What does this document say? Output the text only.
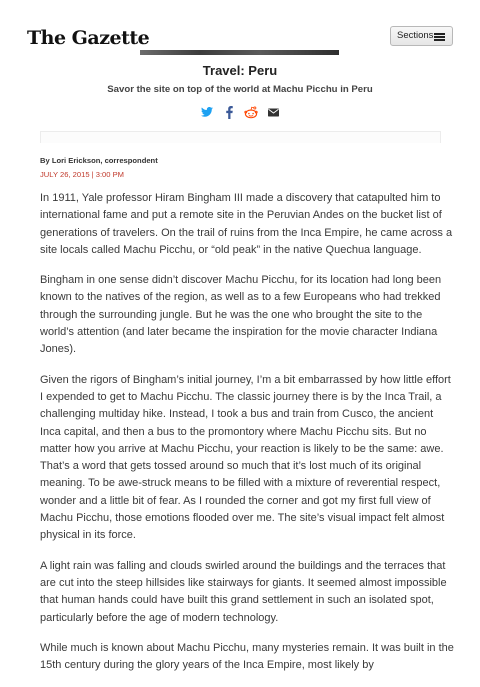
The Gazette	Sections
Travel: Peru
Savor the site on top of the world at Machu Picchu in Peru
By Lori Erickson, correspondent
JULY 26, 2015 | 3:00 PM

In 1911, Yale professor Hiram Bingham III made a discovery that catapulted him to international fame and put a remote site in the Peruvian Andes on the bucket list of generations of travelers. On the trail of ruins from the Inca Empire, he came across a site locals called Machu Picchu, or “old peak” in the native Quechua language.

Bingham in one sense didn’t discover Machu Picchu, for its location had long been known to the natives of the region, as well as to a few Europeans who had trekked through the surrounding jungle. But he was the one who brought the site to the world’s attention (and later became the inspiration for the movie character Indiana Jones).

Given the rigors of Bingham’s initial journey, I’m a bit embarrassed by how little effort I expended to get to Machu Picchu. The classic journey there is by the Inca Trail, a challenging multiday hike. Instead, I took a bus and train from Cusco, the ancient Inca capital, and then a bus to the promontory where Machu Picchu sits. But no matter how you arrive at Machu Picchu, your reaction is likely to be the same: awe. That’s a word that gets tossed around so much that it’s lost much of its original meaning. To be awe-struck means to be filled with a mixture of reverential respect, wonder and a little bit of fear. As I rounded the corner and got my first full view of Machu Picchu, those emotions flooded over me. The site’s visual impact felt almost physical in its force.

A light rain was falling and clouds swirled around the buildings and the terraces that are cut into the steep hillsides like stairways for giants. It seemed almost impossible that human hands could have built this grand settlement in such an isolated spot, particularly before the age of modern technology.

While much is known about Machu Picchu, many mysteries remain. It was built in the 15th century during the glory years of the Inca Empire, most likely by
